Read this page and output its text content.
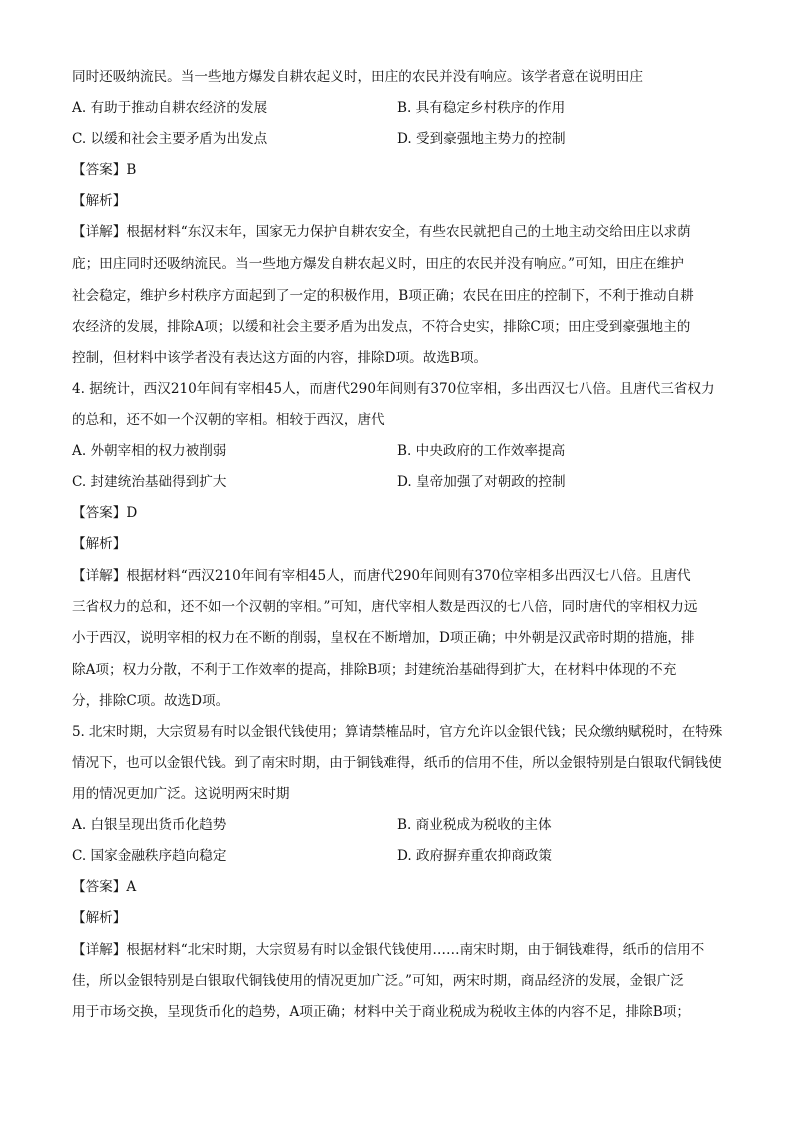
同时还吸纳流民。当一些地方爆发自耕农起义时，田庄的农民并没有响应。该学者意在说明田庄
【答案】B
【解析】
【详解】根据材料“东汉末年，国家无力保护自耕农安全，有些农民就把自己的土地主动交给田庄以求荫
庇；田庄同时还吸纳流民。当一些地方爆发自耕农起义时，田庄的农民并没有响应。”可知，田庄在维护
社会稳定，维护乡村秩序方面起到了一定的积极作用，B项正确；农民在田庄的控制下，不利于推动自耕
农经济的发展，排除A项；以缓和社会主要矛盾为出发点，不符合史实，排除C项；田庄受到豪强地主的
控制，但材料中该学者没有表达这方面的内容，排除D项。故选B项。
4. 据统计，西汉210年间有宰相45人，而唐代290年间则有370位宰相，多出西汉七八倍。且唐代三省权力
的总和，还不如一个汉朝的宰相。相较于西汉，唐代
【答案】D
【解析】
【详解】根据材料“西汉210年间有宰相45人，而唐代290年间则有370位宰相多出西汉七八倍。且唐代
三省权力的总和，还不如一个汉朝的宰相。”可知，唐代宰相人数是西汉的七八倍，同时唐代的宰相权力远
小于西汉，说明宰相的权力在不断的削弱，皇权在不断增加，D项正确；中外朝是汉武帝时期的措施，排
除A项；权力分散，不利于工作效率的提高，排除B项；封建统治基础得到扩大，在材料中体现的不充
分，排除C项。故选D项。
5. 北宋时期，大宗贸易有时以金银代钱使用；算请禁榷品时，官方允许以金银代钱；民众缴纳赋税时，在特殊
情况下，也可以金银代钱。到了南宋时期，由于铜钱难得，纸币的信用不佳，所以金银特别是白银取代铜钱使
用的情况更加广泛。这说明两宋时期
【答案】A
【解析】
【详解】根据材料“北宋时期，大宗贸易有时以金银代钱使用……南宋时期，由于铜钱难得，纸币的信用不
佳，所以金银特别是白银取代铜钱使用的情况更加广泛。”可知，两宋时期，商品经济的发展，金银广泛
用于市场交换，呈现货币化的趋势，A项正确；材料中关于商业税成为税收主体的内容不足，排除B项；
A. 有助于推动自耕农经济的发展	B. 具有稳定乡村秩序的作用
C. 以缓和社会主要矛盾为出发点	D. 受到豪强地主势力的控制
A. 外朝宰相的权力被削弱	B. 中央政府的工作效率提高
C. 封建统治基础得到扩大	D. 皇帝加强了对朝政的控制
A. 白银呈现出货币化趋势	B. 商业税成为税收的主体
C. 国家金融秩序趋向稳定	D. 政府摒弃重农抑商政策
